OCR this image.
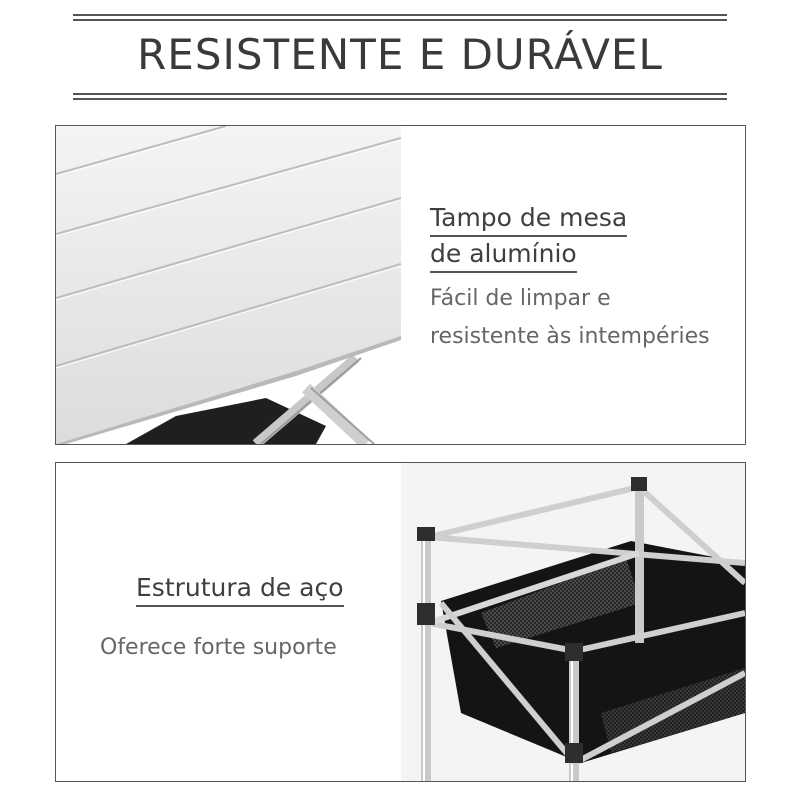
RESISTENTE E DURÁVEL
Tampo de mesa
de alumínio
Fácil de limpar e
resistente às intempéries
Estrutura de aço
Oferece forte suporte
